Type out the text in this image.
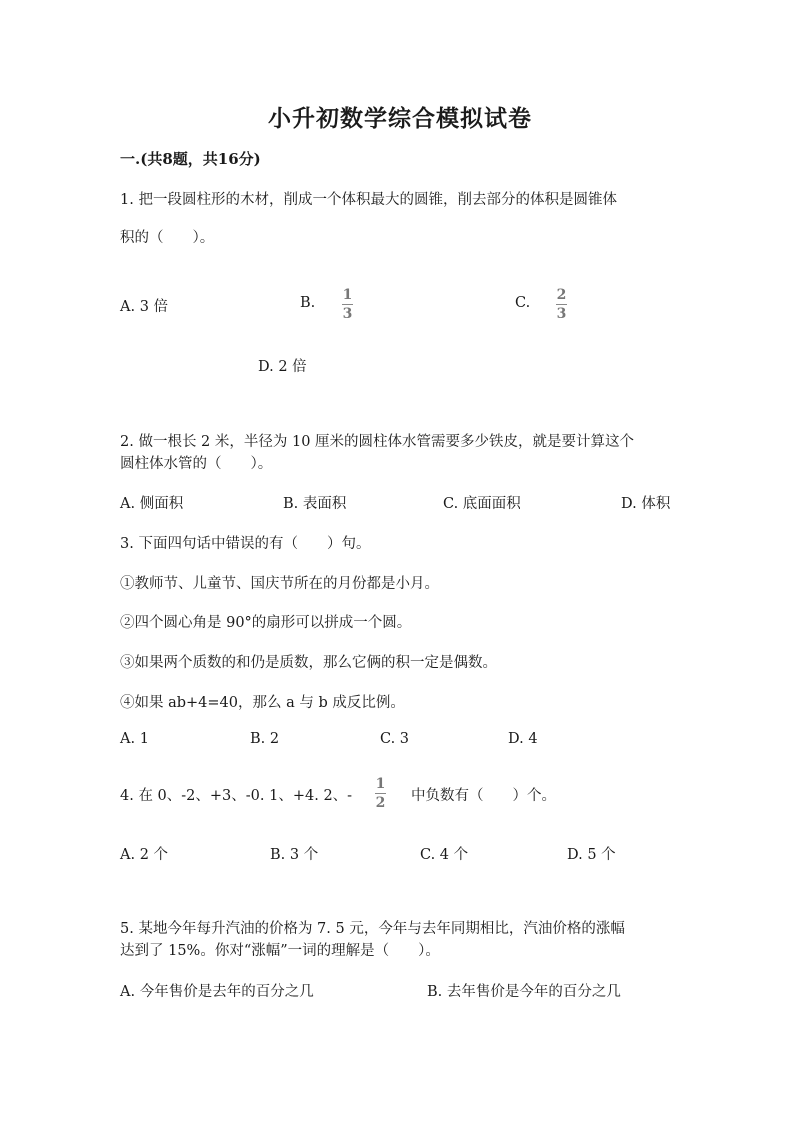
小升初数学综合模拟试卷
一.(共8题，共16分)
1. 把一段圆柱形的木材，削成一个体积最大的圆锥，削去部分的体积是圆锥体
积的（　　）。
A. 3 倍	B. 1
3
C. 2
3
D. 2 倍
2. 做一根长 2 米，半径为 10 厘米的圆柱体水管需要多少铁皮，就是要计算这个
圆柱体水管的（　　）。
A. 侧面积	B. 表面积	C. 底面面积	D. 体积
3. 下面四句话中错误的有（　　）句。
①教师节、儿童节、国庆节所在的月份都是小月。
②四个圆心角是 90°的扇形可以拼成一个圆。
③如果两个质数的和仍是质数，那么它俩的积一定是偶数。
④如果 ab+4=40，那么 a 与 b 成反比例。
A. 1	B. 2	C. 3	D. 4
4. 在 0、-2、+3、-0. 1、+4. 2、-
1
2 中负数有（　　）个。
A. 2 个	B. 3 个	C. 4 个	D. 5 个
5. 某地今年每升汽油的价格为 7. 5 元，今年与去年同期相比，汽油价格的涨幅
达到了 15%。你对“涨幅”一词的理解是（　　）。
A. 今年售价是去年的百分之几	B. 去年售价是今年的百分之几
